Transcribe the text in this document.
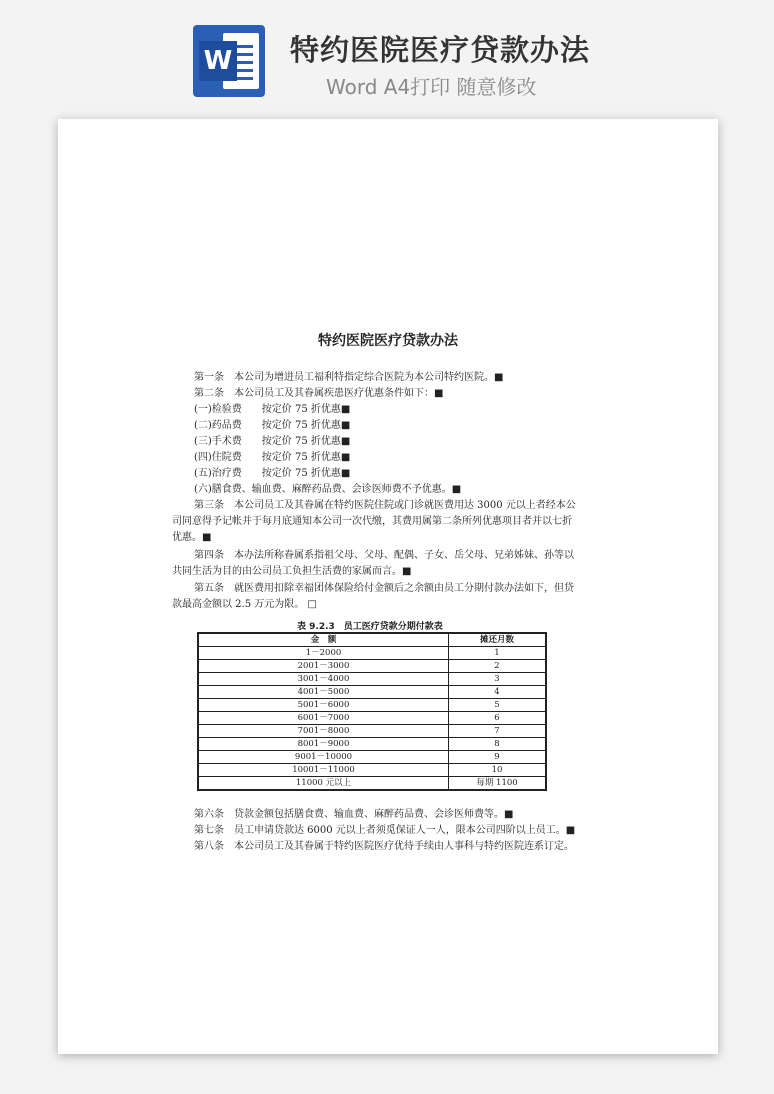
W 特约医院医疗贷款办法
Word A4打印 随意修改
特约医院医疗贷款办法
第一条　本公司为增进员工福利特指定综合医院为本公司特约医院。■
第二条　本公司员工及其眷属疾患医疗优惠条件如下：■
(一)检验费　　按定价 75 折优惠■
(二)药品费　　按定价 75 折优惠■
(三)手术费　　按定价 75 折优惠■
(四)住院费　　按定价 75 折优惠■
(五)治疗费　　按定价 75 折优惠■
(六)膳食费、输血费、麻醉药品费、会诊医师费不予优惠。■
第三条　本公司员工及其眷属在特约医院住院或门诊就医费用达 3000 元以上者经本公
司同意得予记帐并于每月底通知本公司一次代缴，其费用属第二条所列优惠项目者并以七折
优惠。■
第四条　本办法所称眷属系指祖父母、父母、配偶、子女、岳父母、兄弟姊妹、孙等以
共同生活为目的由公司员工负担生活费的家属而言。■
第五条　就医费用扣除幸福团体保险给付金额后之余额由员工分期付款办法如下，但贷
款最高金额以 2.5 万元为限。 □
表 9.2.3　员工医疗贷款分期付款表
金　额	摊还月数
1－2000	1
2001－3000	2
3001－4000	3
4001－5000	4
5001－6000	5
6001－7000	6
7001－8000	7
8001－9000	8
9001－10000	9
10001－11000	10
11000 元以上	每期 1100
第六条　贷款金额包括膳食费、输血费、麻醉药品费、会诊医师费等。■
第七条　员工申请贷款达 6000 元以上者须觅保证人一人，限本公司四阶以上员工。■
第八条　本公司员工及其眷属于特约医院医疗优待手续由人事科与特约医院连系订定。
